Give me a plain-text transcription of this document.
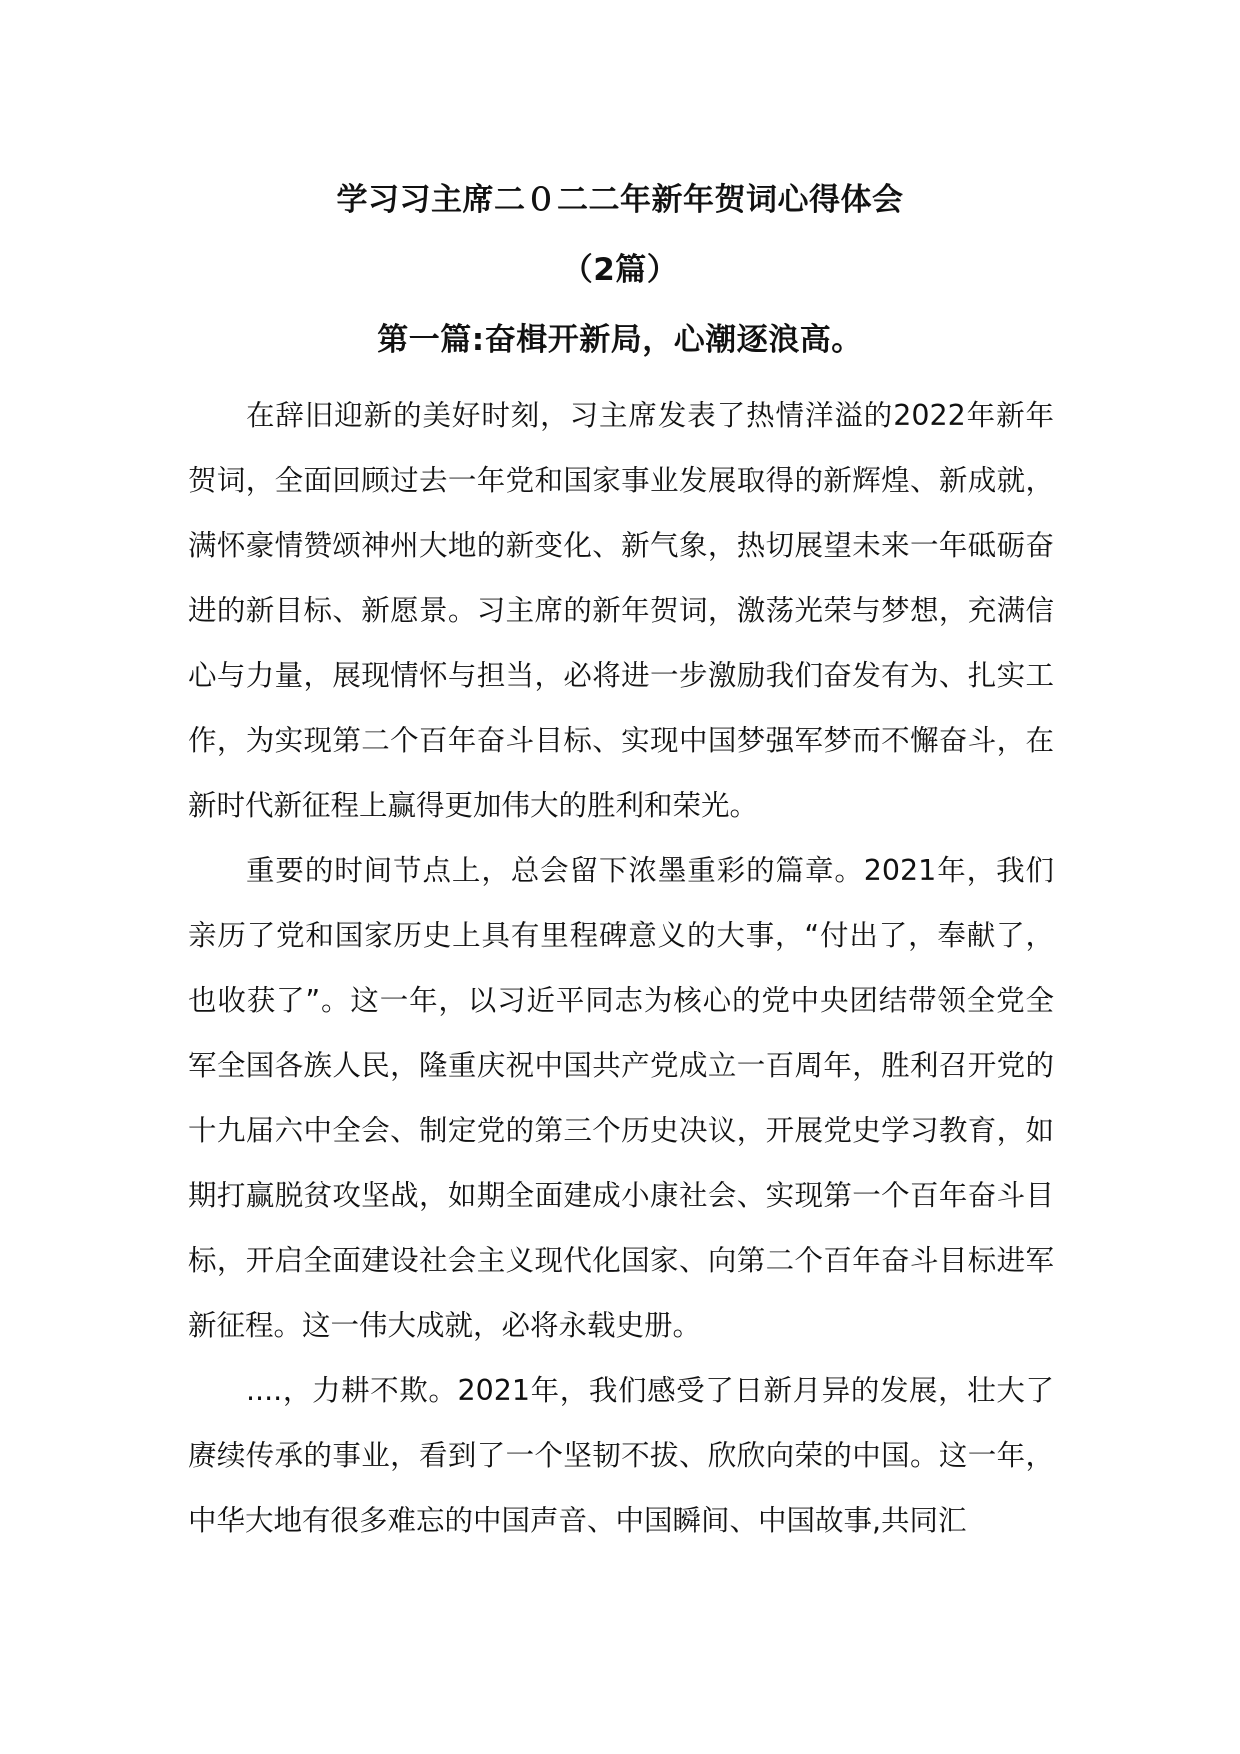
学习习主席二０二二年新年贺词心得体会
（2篇）
第一篇:奋楫开新局，心潮逐浪高。

在辞旧迎新的美好时刻，习主席发表了热情洋溢的2022年新年贺词，全面回顾过去一年党和国家事业发展取得的新辉煌、新成就，满怀豪情赞颂神州大地的新变化、新气象，热切展望未来一年砥砺奋进的新目标、新愿景。习主席的新年贺词，激荡光荣与梦想，充满信心与力量，展现情怀与担当，必将进一步激励我们奋发有为、扎实工作，为实现第二个百年奋斗目标、实现中国梦强军梦而不懈奋斗，在新时代新征程上赢得更加伟大的胜利和荣光。

重要的时间节点上，总会留下浓墨重彩的篇章。2021年，我们亲历了党和国家历史上具有里程碑意义的大事，“付出了，奉献了，也收获了”。这一年，以习近平同志为核心的党中央团结带领全党全军全国各族人民，隆重庆祝中国共产党成立一百周年，胜利召开党的十九届六中全会、制定党的第三个历史决议，开展党史学习教育，如期打赢脱贫攻坚战，如期全面建成小康社会、实现第一个百年奋斗目标，开启全面建设社会主义现代化国家、向第二个百年奋斗目标进军新征程。这一伟大成就，必将永载史册。

....，力耕不欺。2021年，我们感受了日新月异的发展，壮大了赓续传承的事业，看到了一个坚韧不拔、欣欣向荣的中国。这一年，中华大地有很多难忘的中国声音、中国瞬间、中国故事,共同汇
